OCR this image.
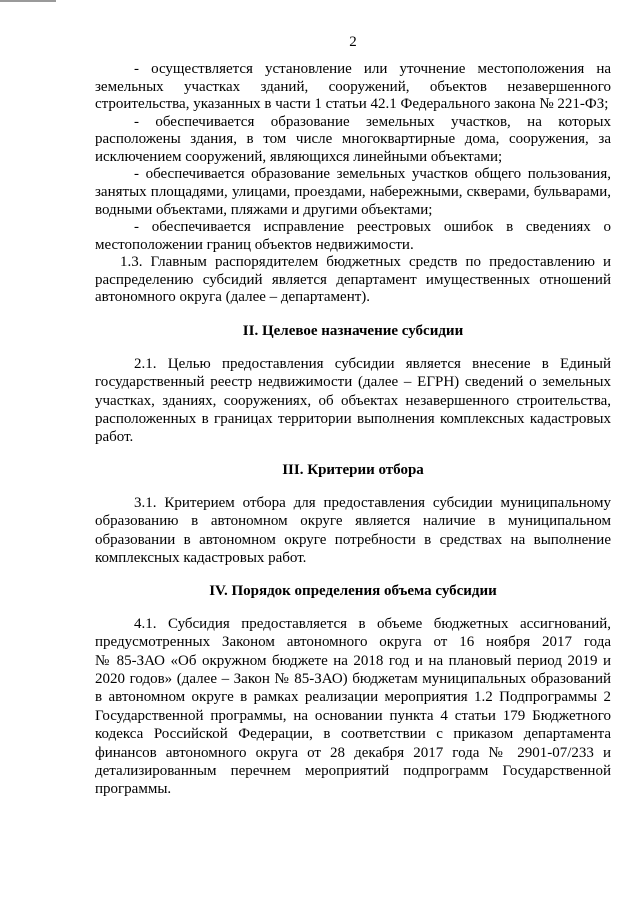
2
- осуществляется установление или уточнение местоположения на
земельных участках зданий, сооружений, объектов незавершенного
строительства, указанных в части 1 статьи 42.1 Федерального закона № 221-ФЗ;
- обеспечивается образование земельных участков, на которых
расположены здания, в том числе многоквартирные дома, сооружения, за
исключением сооружений, являющихся линейными объектами;
- обеспечивается образование земельных участков общего пользования,
занятых площадями, улицами, проездами, набережными, скверами, бульварами,
водными объектами, пляжами и другими объектами;
- обеспечивается исправление реестровых ошибок в сведениях о
местоположении границ объектов недвижимости.
1.3. Главным распорядителем бюджетных средств по предоставлению и
распределению субсидий является департамент имущественных отношений
автономного округа (далее – департамент).
II. Целевое назначение субсидии
2.1. Целью предоставления субсидии является внесение в Единый
государственный реестр недвижимости (далее – ЕГРН) сведений о земельных
участках, зданиях, сооружениях, об объектах незавершенного строительства,
расположенных в границах территории выполнения комплексных кадастровых
работ.
III. Критерии отбора
3.1. Критерием отбора для предоставления субсидии муниципальному
образованию в автономном округе является наличие в муниципальном
образовании в автономном округе потребности в средствах на выполнение
комплексных кадастровых работ.
IV. Порядок определения объема субсидии
4.1. Субсидия предоставляется в объеме бюджетных ассигнований,
предусмотренных Законом автономного округа от 16 ноября 2017 года
№ 85-ЗАО «Об окружном бюджете на 2018 год и на плановый период 2019 и
2020 годов» (далее – Закон № 85-ЗАО) бюджетам муниципальных образований
в автономном округе в рамках реализации мероприятия 1.2 Подпрограммы 2
Государственной программы, на основании пункта 4 статьи 179 Бюджетного
кодекса Российской Федерации, в соответствии с приказом департамента
финансов автономного округа от 28 декабря 2017 года № 2901-07/233 и
детализированным перечнем мероприятий подпрограмм Государственной
программы.
